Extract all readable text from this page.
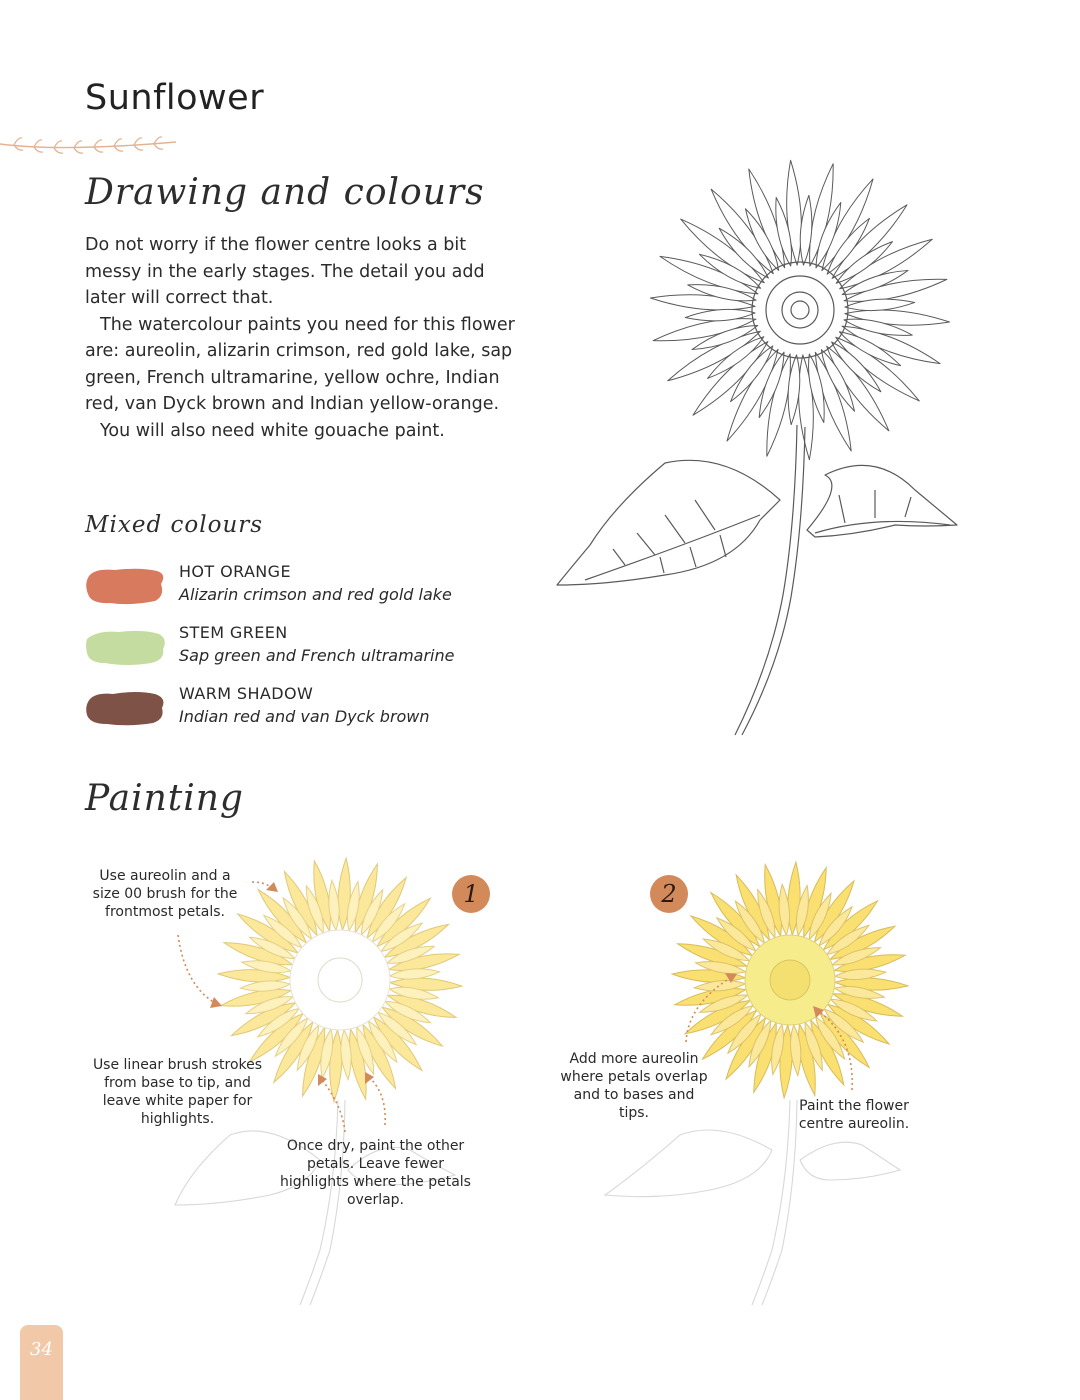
Sunflower
Drawing and colours

Do not worry if the flower centre looks a bit messy in the early stages. The detail you add later will correct that.

The watercolour paints you need for this flower are: aureolin, alizarin crimson, red gold lake, sap green, French ultramarine, yellow ochre, Indian red, van Dyck brown and Indian yellow-orange.

You will also need white gouache paint.

Mixed colours
HOT ORANGE
Alizarin crimson and red gold lake
STEM GREEN
Sap green and French ultramarine
WARM SHADOW
Indian red and van Dyck brown
Painting
1	2
Use aureolin and a size 00 brush for the frontmost petals.
Use linear brush strokes from base to tip, and leave white paper for highlights.
Once dry, paint the other petals. Leave fewer highlights where the petals overlap.
Add more aureolin where petals overlap and to bases and tips.	Paint the flower centre aureolin.
34
